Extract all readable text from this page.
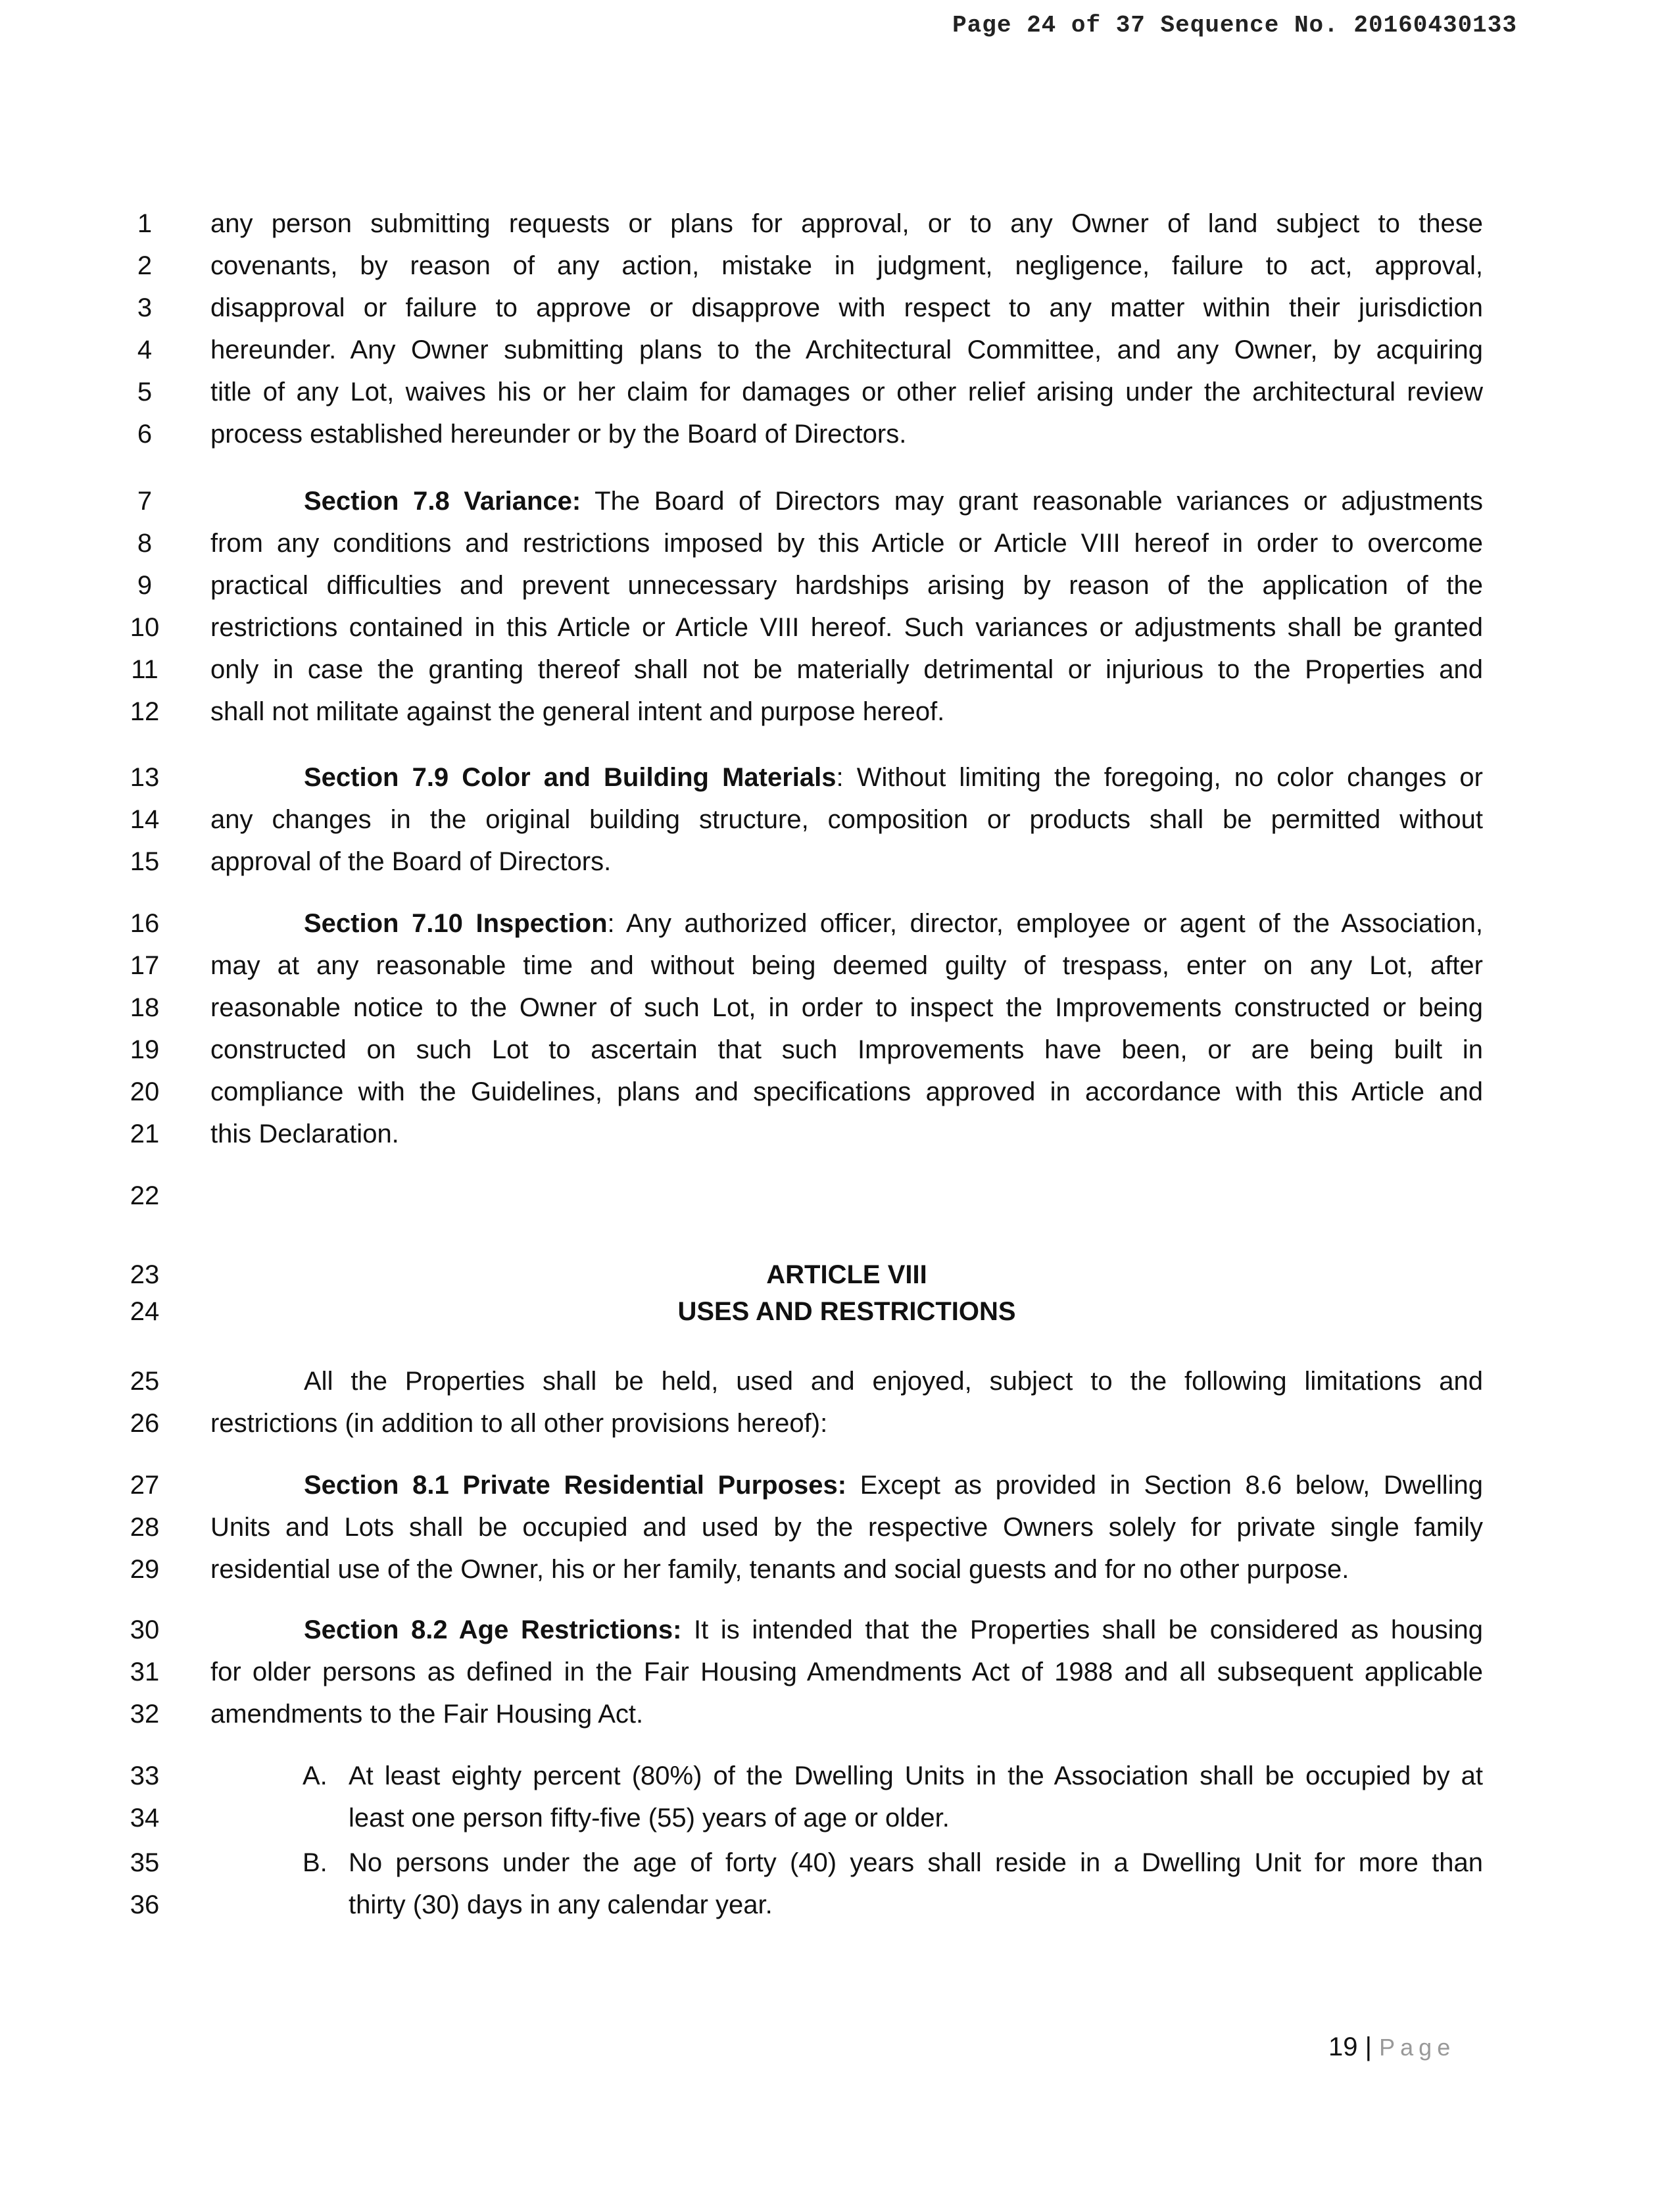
Page 24 of 37 Sequence No. 20160430133
1	any person submitting requests or plans for approval, or to any Owner of land subject to these
2	covenants, by reason of any action, mistake in judgment, negligence, failure to act, approval,
3	disapproval or failure to approve or disapprove with respect to any matter within their jurisdiction
4	hereunder. Any Owner submitting plans to the Architectural Committee, and any Owner, by acquiring
5	title of any Lot, waives his or her claim for damages or other relief arising under the architectural review
6	process established hereunder or by the Board of Directors.
7	Section 7.8 Variance: The Board of Directors may grant reasonable variances or adjustments
8	from any conditions and restrictions imposed by this Article or Article VIII hereof in order to overcome
9	practical difficulties and prevent unnecessary hardships arising by reason of the application of the
10	restrictions contained in this Article or Article VIII hereof. Such variances or adjustments shall be granted
11	only in case the granting thereof shall not be materially detrimental or injurious to the Properties and
12	shall not militate against the general intent and purpose hereof.
13	Section 7.9 Color and Building Materials: Without limiting the foregoing, no color changes or
14	any changes in the original building structure, composition or products shall be permitted without
15	approval of the Board of Directors.
16	Section 7.10 Inspection: Any authorized officer, director, employee or agent of the Association,
17	may at any reasonable time and without being deemed guilty of trespass, enter on any Lot, after
18	reasonable notice to the Owner of such Lot, in order to inspect the Improvements constructed or being
19	constructed on such Lot to ascertain that such Improvements have been, or are being built in
20	compliance with the Guidelines, plans and specifications approved in accordance with this Article and
21	this Declaration.
22
23	ARTICLE VIII
24	USES AND RESTRICTIONS
25	All the Properties shall be held, used and enjoyed, subject to the following limitations and
26	restrictions (in addition to all other provisions hereof):
27	Section 8.1 Private Residential Purposes: Except as provided in Section 8.6 below, Dwelling
28	Units and Lots shall be occupied and used by the respective Owners solely for private single family
29	residential use of the Owner, his or her family, tenants and social guests and for no other purpose.
30	Section 8.2 Age Restrictions: It is intended that the Properties shall be considered as housing
31	for older persons as defined in the Fair Housing Amendments Act of 1988 and all subsequent applicable
32	amendments to the Fair Housing Act.
33	A. At least eighty percent (80%) of the Dwelling Units in the Association shall be occupied by at
34	least one person fifty-five (55) years of age or older.
35	B. No persons under the age of forty (40) years shall reside in a Dwelling Unit for more than
36	thirty (30) days in any calendar year.
19 | Page
